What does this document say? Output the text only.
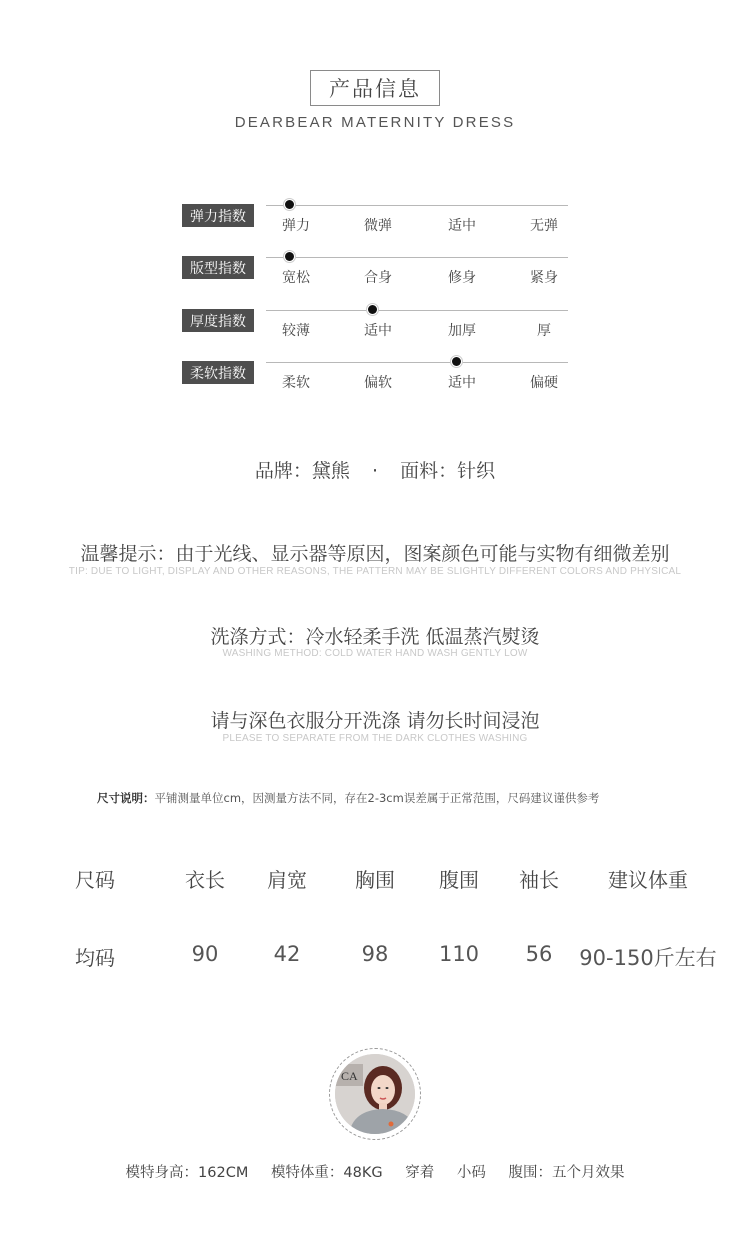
产品信息
DEARBEAR MATERNITY DRESS
弹力指数
弹力	微弹	适中	无弹
版型指数
宽松	合身	修身	紧身
厚度指数
较薄	适中	加厚	厚
柔软指数
柔软	偏软	适中	偏硬
品牌：黛熊 · 面料：针织
温馨提示：由于光线、显示器等原因，图案颜色可能与实物有细微差别
TIP: DUE TO LIGHT, DISPLAY AND OTHER REASONS, THE PATTERN MAY BE SLIGHTLY DIFFERENT COLORS AND PHYSICAL
洗涤方式：冷水轻柔手洗 低温蒸汽熨烫
WASHING METHOD: COLD WATER HAND WASH GENTLY LOW
请与深色衣服分开洗涤 请勿长时间浸泡
PLEASE TO SEPARATE FROM THE DARK CLOTHES WASHING
尺寸说明：平铺测量单位cm，因测量方法不同，存在2-3cm误差属于正常范围，尺码建议谨供参考
尺码	衣长	肩宽	胸围	腹围	袖长	建议体重
均码	90	42	98	110	56	90-150斤左右
CA
模特身高：162CM 模特体重：48KG 穿着 小码 腹围：五个月效果
